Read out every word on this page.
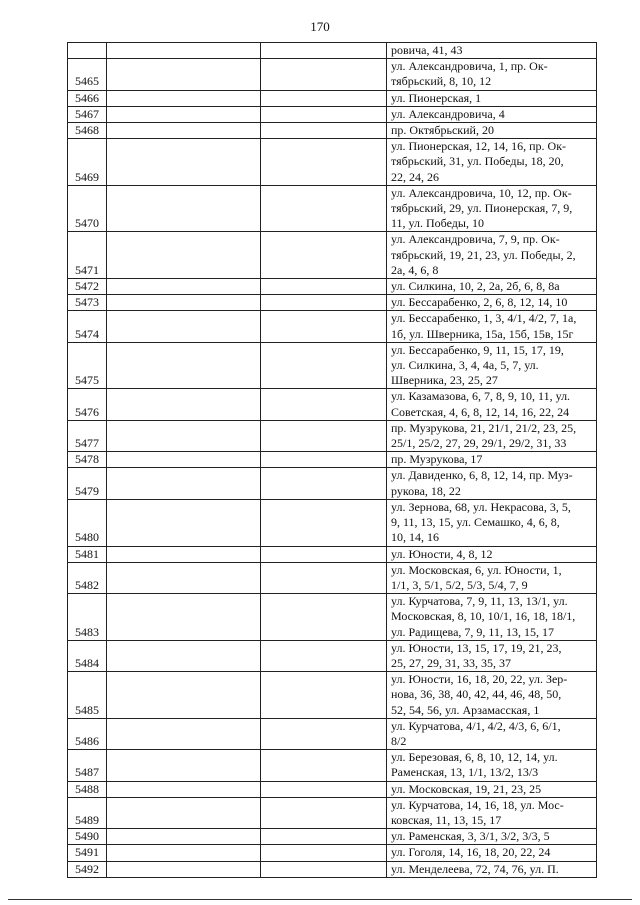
170

			ровича, 41, 43

5465			ул. Александровича, 1, пр. Ок-
тябрьский, 8, 10, 12

5466			ул. Пионерская, 1

5467			ул. Александровича, 4

5468			пр. Октябрьский, 20

5469			ул. Пионерская, 12, 14, 16, пр. Ок-
тябрьский, 31, ул. Победы, 18, 20,
22, 24, 26

5470			ул. Александровича, 10, 12, пр. Ок-
тябрьский, 29, ул. Пионерская, 7, 9,
11, ул. Победы, 10

5471			ул. Александровича, 7, 9, пр. Ок-
тябрьский, 19, 21, 23, ул. Победы, 2,
2а, 4, 6, 8

5472			ул. Силкина, 10, 2, 2а, 2б, 6, 8, 8а

5473			ул. Бессарабенко, 2, 6, 8, 12, 14, 10

5474			ул. Бессарабенко, 1, 3, 4/1, 4/2, 7, 1а,
1б, ул. Шверника, 15а, 15б, 15в, 15г

5475			ул. Бессарабенко, 9, 11, 15, 17, 19,
ул. Силкина, 3, 4, 4а, 5, 7, ул.
Шверника, 23, 25, 27

5476			ул. Казамазова, 6, 7, 8, 9, 10, 11, ул.
Советская, 4, 6, 8, 12, 14, 16, 22, 24

5477			пр. Музрукова, 21, 21/1, 21/2, 23, 25,
25/1, 25/2, 27, 29, 29/1, 29/2, 31, 33

5478			пр. Музрукова, 17

5479			ул. Давиденко, 6, 8, 12, 14, пр. Муз-
рукова, 18, 22

5480			ул. Зернова, 68, ул. Некрасова, 3, 5,
9, 11, 13, 15, ул. Семашко, 4, 6, 8,
10, 14, 16

5481			ул. Юности, 4, 8, 12

5482			ул. Московская, 6, ул. Юности, 1,
1/1, 3, 5/1, 5/2, 5/3, 5/4, 7, 9

5483			ул. Курчатова, 7, 9, 11, 13, 13/1, ул.
Московская, 8, 10, 10/1, 16, 18, 18/1,
ул. Радищева, 7, 9, 11, 13, 15, 17

5484			ул. Юности, 13, 15, 17, 19, 21, 23,
25, 27, 29, 31, 33, 35, 37

5485			ул. Юности, 16, 18, 20, 22, ул. Зер-
нова, 36, 38, 40, 42, 44, 46, 48, 50,
52, 54, 56, ул. Арзамасская, 1

5486			ул. Курчатова, 4/1, 4/2, 4/3, 6, 6/1,
8/2

5487			ул. Березовая, 6, 8, 10, 12, 14, ул.
Раменская, 13, 1/1, 13/2, 13/3

5488			ул. Московская, 19, 21, 23, 25

5489			ул. Курчатова, 14, 16, 18, ул. Мос-
ковская, 11, 13, 15, 17

5490			ул. Раменская, 3, 3/1, 3/2, 3/3, 5

5491			ул. Гоголя, 14, 16, 18, 20, 22, 24

5492			ул. Менделеева, 72, 74, 76, ул. П.
